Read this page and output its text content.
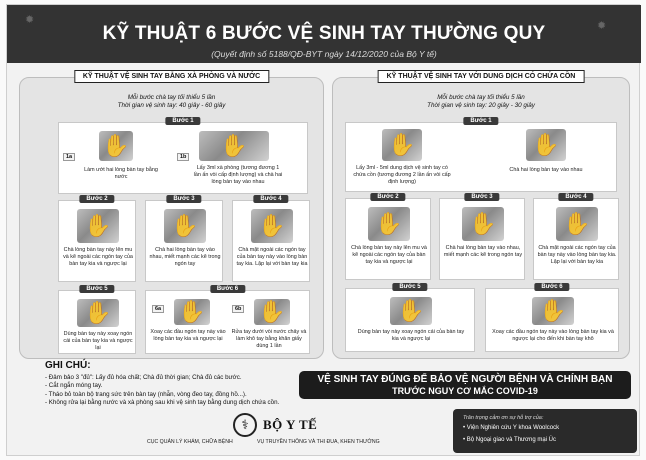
✹	✹
KỸ THUẬT 6 BƯỚC VỆ SINH TAY THƯỜNG QUY
(Quyết định số 5188/QĐ-BYT ngày 14/12/2020 của Bộ Y tế)
KỸ THUẬT VỆ SINH TAY BẰNG XÀ PHÒNG VÀ NƯỚC
Mỗi bước chà tay tối thiểu 5 lần
Thời gian vệ sinh tay: 40 giây - 60 giây
Bước 1
✋
1a
Làm ướt hai lòng bàn tay bằng nước
✋
1b
Lấy 3ml xà phòng (tương đương 1 lần ấn vòi cấp định lượng) và chà hai lòng bàn tay vào nhau
Bước 2
✋
Chà lòng bàn tay này lên mu và kẽ ngoài các ngón tay của bàn tay kia và ngược lại
Bước 3
✋
Chà hai lòng bàn tay vào nhau, miết mạnh các kẽ trong ngón tay
Bước 4
✋
Chà mặt ngoài các ngón tay của bàn tay này vào lòng bàn tay kia. Lặp lại với bàn tay kia
Bước 5
✋
Dùng bàn tay này xoay ngón cái của bàn tay kia và ngược lại
Bước 6
6a ✋
Xoay các đầu ngón tay này vào lòng bàn tay kia và ngược lại
6b ✋
Rửa tay dưới vòi nước chảy và làm khô tay bằng khăn giấy dùng 1 lần
KỸ THUẬT VỆ SINH TAY VỚI DUNG DỊCH CÓ CHỨA CỒN
Mỗi bước chà tay tối thiểu 5 lần
Thời gian vệ sinh tay: 20 giây - 30 giây
Bước 1
✋
Lấy 3ml - 5ml dung dịch vệ sinh tay có chứa cồn (tương đương 2 lần ấn vòi cấp định lượng)
✋
Chà hai lòng bàn tay vào nhau
Bước 2
✋
Chà lòng bàn tay này lên mu và kẽ ngoài các ngón tay của bàn tay kia và ngược lại
Bước 3
✋
Chà hai lòng bàn tay vào nhau, miết mạnh các kẽ trong ngón tay
Bước 4
✋
Chà mặt ngoài các ngón tay của bàn tay này vào lòng bàn tay kia. Lặp lại với bàn tay kia
Bước 5
✋
Dùng bàn tay này xoay ngón cái của bàn tay kia và ngược lại
Bước 6
✋
Xoay các đầu ngón tay này vào lòng bàn tay kia và ngược lại cho đến khi bàn tay khô
GHI CHÚ:
- Đảm bảo 3 "đủ": Lấy đủ hóa chất; Chà đủ thời gian; Chà đủ các bước.
- Cắt ngắn móng tay.
- Tháo bỏ toàn bộ trang sức trên bàn tay (nhẫn, vòng đeo tay, đồng hồ...).
- Không rửa lại bằng nước và xà phòng sau khi vệ sinh tay bằng dung dịch chứa cồn.
VỆ SINH TAY ĐÚNG ĐỂ BẢO VỆ NGƯỜI BỆNH VÀ CHÍNH BẠN
TRƯỚC NGUY CƠ MẮC COVID-19
CỤC QUẢN LÝ KHÁM, CHỮA BỆNH
⚕	BỘ Y TẾ
VỤ TRUYỀN THÔNG VÀ THI ĐUA, KHEN THƯỞNG
Trân trọng cảm ơn sự hỗ trợ của:
• Viện Nghiên cứu Y khoa Woolcock
• Bộ Ngoại giao và Thương mại Úc
